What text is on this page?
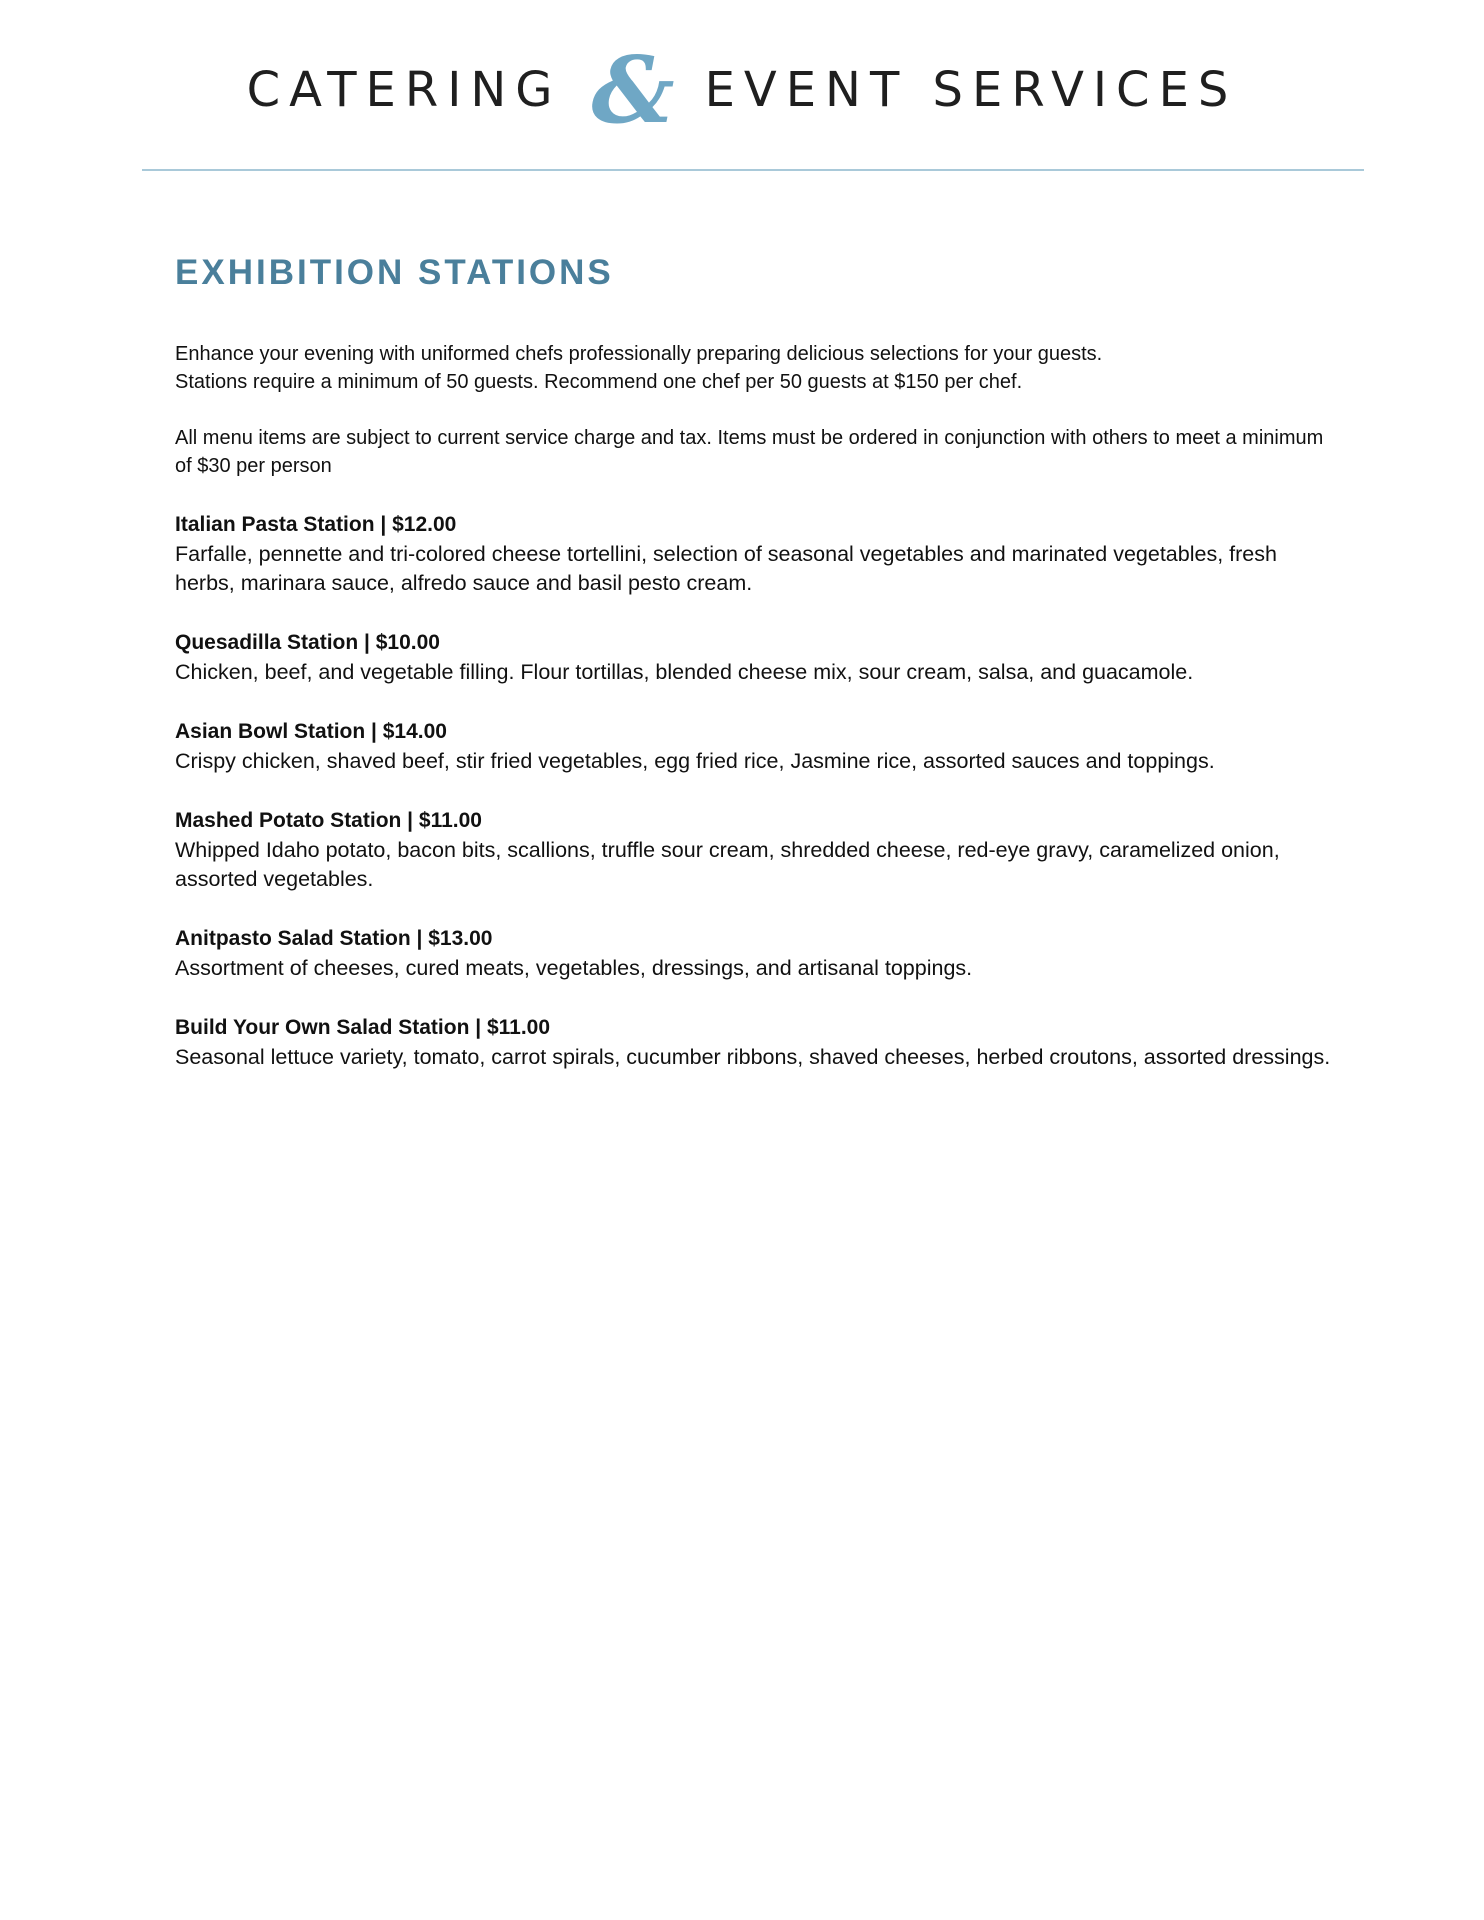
CATERING & EVENT SERVICES
EXHIBITION STATIONS

Enhance your evening with uniformed chefs professionally preparing delicious selections for your guests.

Stations require a minimum of 50 guests. Recommend one chef per 50 guests at $150 per chef.

All menu items are subject to current service charge and tax. Items must be ordered in conjunction with others to meet a minimum of $30 per person

Italian Pasta Station | $12.00

Farfalle, pennette and tri-colored cheese tortellini, selection of seasonal vegetables and marinated vegetables, fresh herbs, marinara sauce, alfredo sauce and basil pesto cream.

Quesadilla Station | $10.00

Chicken, beef, and vegetable filling. Flour tortillas, blended cheese mix, sour cream, salsa, and guacamole.

Asian Bowl Station | $14.00

Crispy chicken, shaved beef, stir fried vegetables, egg fried rice, Jasmine rice, assorted sauces and toppings.

Mashed Potato Station | $11.00

Whipped Idaho potato, bacon bits, scallions, truffle sour cream, shredded cheese, red-eye gravy, caramelized onion, assorted vegetables.

Anitpasto Salad Station | $13.00

Assortment of cheeses, cured meats, vegetables, dressings, and artisanal toppings.

Build Your Own Salad Station | $11.00

Seasonal lettuce variety, tomato, carrot spirals, cucumber ribbons, shaved cheeses, herbed croutons, assorted dressings.
